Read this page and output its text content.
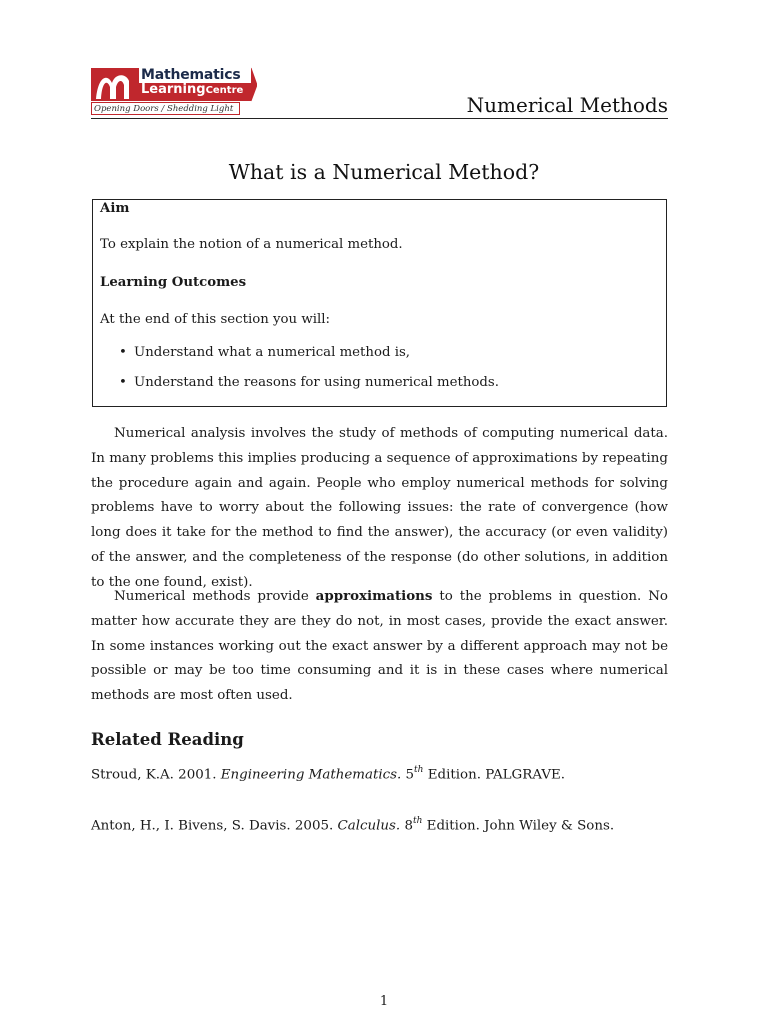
Mathematics
LearningCentre
Opening Doors / Shedding Light	Numerical Methods
What is a Numerical Method?
Aim
To explain the notion of a numerical method.
Learning Outcomes
At the end of this section you will:
• Understand what a numerical method is,
• Understand the reasons for using numerical methods.

Numerical analysis involves the study of methods of computing numerical data. In many problems this implies producing a sequence of approximations by repeating the procedure again and again. People who employ numerical methods for solving problems have to worry about the following issues: the rate of convergence (how long does it take for the method to find the answer), the accuracy (or even validity) of the answer, and the completeness of the response (do other solutions, in addition to the one found, exist).

Numerical methods provide approximations to the problems in question. No matter how accurate they are they do not, in most cases, provide the exact answer. In some instances working out the exact answer by a different approach may not be possible or may be too time consuming and it is in these cases where numerical methods are most often used.

Related Reading
Stroud, K.A. 2001. Engineering Mathematics. 5th Edition. PALGRAVE.
Anton, H., I. Bivens, S. Davis. 2005. Calculus. 8th Edition. John Wiley & Sons.
1
